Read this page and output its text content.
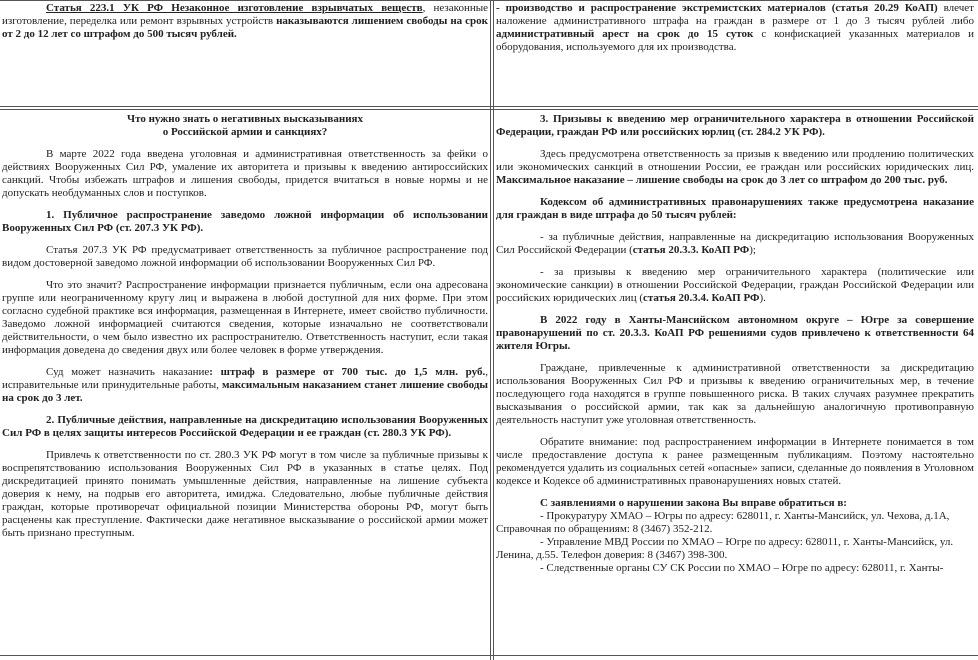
Статья 223.1 УК РФ Незаконное изготовление взрывчатых веществ, незаконные изготовление, переделка или ремонт взрывных устройств наказываются лишением свободы на срок от 2 до 12 лет со штрафом до 500 тысяч рублей.

- производство и распространение экстремистских материалов (статья 20.29 КоАП) влечет наложение административного штрафа на граждан в размере от 1 до 3 тысяч рублей либо административный арест на срок до 15 суток с конфискацией указанных материалов и оборудования, используемого для их производства.

Что нужно знать о негативных высказываниях
о Российской армии и санкциях?

В марте 2022 года введена уголовная и административная ответственность за фейки о действиях Вооруженных Сил РФ, умаление их авторитета и призывы к введению антироссийских санкций. Чтобы избежать штрафов и лишения свободы, придется вчитаться в новые нормы и не допускать необдуманных слов и поступков.

1. Публичное распространение заведомо ложной информации об использовании Вооруженных Сил РФ (ст. 207.3 УК РФ).

Статья 207.3 УК РФ предусматривает ответственность за публичное распространение под видом достоверной заведомо ложной информации об использовании Вооруженных Сил РФ.

Что это значит? Распространение информации признается публичным, если она адресована группе или неограниченному кругу лиц и выражена в любой доступной для них форме. При этом согласно судебной практике вся информация, размещенная в Интернете, имеет свойство публичности. Заведомо ложной информацией считаются сведения, которые изначально не соответствовали действительности, о чем было известно их распространителю. Ответственность наступит, если такая информация доведена до сведения двух или более человек в форме утверждения.

Суд может назначить наказание: штраф в размере от 700 тыс. до 1,5 млн. руб., исправительные или принудительные работы, максимальным наказанием станет лишение свободы на срок до 3 лет.

2. Публичные действия, направленные на дискредитацию использования Вооруженных Сил РФ в целях защиты интересов Российской Федерации и ее граждан (ст. 280.3 УК РФ).

Привлечь к ответственности по ст. 280.3 УК РФ могут в том числе за публичные призывы к воспрепятствованию использования Вооруженных Сил РФ в указанных в статье целях. Под дискредитацией принято понимать умышленные действия, направленные на лишение субъекта доверия к нему, на подрыв его авторитета, имиджа. Следовательно, любые публичные действия граждан, которые противоречат официальной позиции Министерства обороны РФ, могут быть расценены как преступление. Фактически даже негативное высказывание о российской армии может быть признано преступным.

3. Призывы к введению мер ограничительного характера в отношении Российской Федерации, граждан РФ или российских юрлиц (ст. 284.2 УК РФ).

Здесь предусмотрена ответственность за призыв к введению или продлению политических или экономических санкций в отношении России, ее граждан или российских юридических лиц. Максимальное наказание – лишение свободы на срок до 3 лет со штрафом до 200 тыс. руб.

Кодексом об административных правонарушениях также предусмотрена наказание для граждан в виде штрафа до 50 тысяч рублей:

- за публичные действия, направленные на дискредитацию использования Вооруженных Сил Российской Федерации (статья 20.3.3. КоАП РФ);

- за призывы к введению мер ограничительного характера (политические или экономические санкции) в отношении Российской Федерации, граждан Российской Федерации или российских юридических лиц (статья 20.3.4. КоАП РФ).

В 2022 году в Ханты-Мансийском автономном округе – Югре за совершение правонарушений по ст. 20.3.3. КоАП РФ решениями судов привлечено к ответственности 64 жителя Югры.

Граждане, привлеченные к административной ответственности за дискредитацию использования Вооруженных Сил РФ и призывы к введению ограничительных мер, в течение последующего года находятся в группе повышенного риска. В таких случаях разумнее прекратить высказывания о российской армии, так как за дальнейшую аналогичную противоправную деятельность наступит уже уголовная ответственность.

Обратите внимание: под распространением информации в Интернете понимается в том числе предоставление доступа к ранее размещенным публикациям. Поэтому настоятельно рекомендуется удалить из социальных сетей «опасные» записи, сделанные до появления в Уголовном кодексе и Кодексе об административных правонарушениях новых статей.

С заявлениями о нарушении закона Вы вправе обратиться в:

- Прокуратуру ХМАО – Югры по адресу: 628011, г. Ханты-Мансийск, ул. Чехова, д.1А, Справочная по обращениям: 8 (3467) 352-212.

- Управление МВД России по ХМАО – Югре по адресу: 628011, г. Ханты-Мансийск, ул. Ленина, д.55. Телефон доверия: 8 (3467) 398-300.

- Следственные органы СУ СК России по ХМАО – Югре по адресу: 628011, г. Ханты-
